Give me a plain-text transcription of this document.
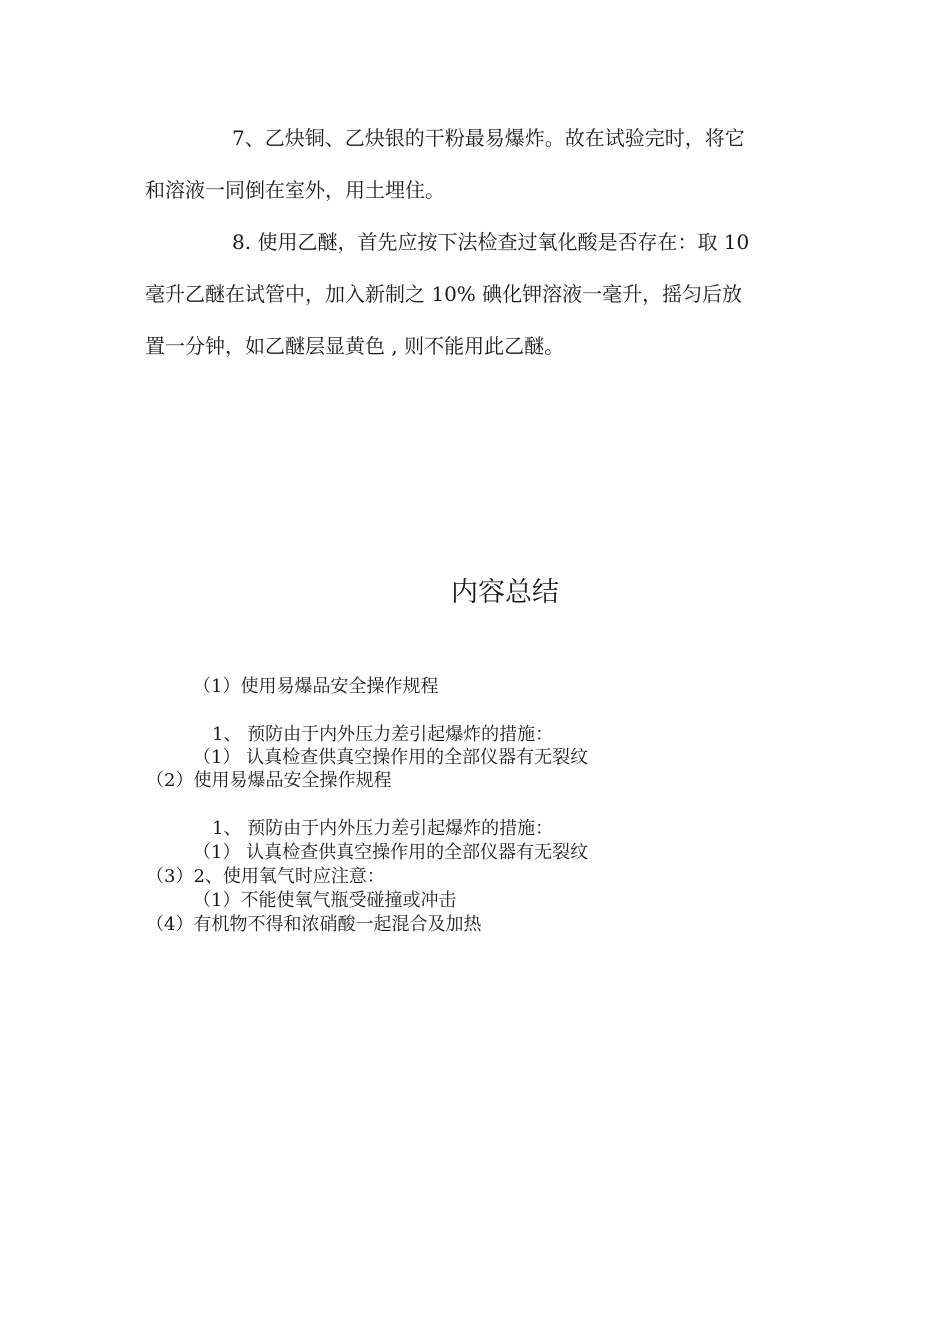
7、乙炔铜、乙炔银的干粉最易爆炸。故在试验完时，将它
和溶液一同倒在室外，用土埋住。
8. 使用乙醚，首先应按下法检查过氧化酸是否存在：取 10
毫升乙醚在试管中，加入新制之 10% 碘化钾溶液一毫升，摇匀后放
置一分钟，如乙醚层显黄色 , 则不能用此乙醚。
内容总结
（1）使用易爆品安全操作规程
1、 预防由于内外压力差引起爆炸的措施：
（1） 认真检查供真空操作用的全部仪器有无裂纹
（2）使用易爆品安全操作规程
1、 预防由于内外压力差引起爆炸的措施：
（1） 认真检查供真空操作用的全部仪器有无裂纹
（3）2、使用氧气时应注意：
（1）不能使氧气瓶受碰撞或冲击
（4）有机物不得和浓硝酸一起混合及加热
